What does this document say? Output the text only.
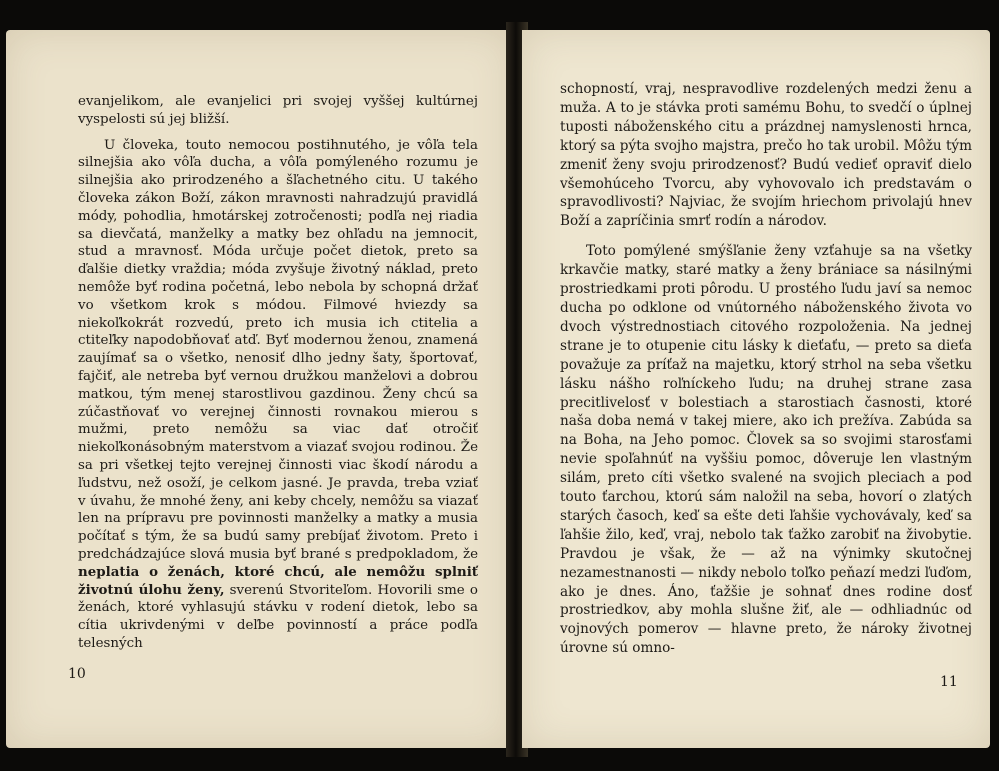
evanjelikom, ale evanjelici pri svojej vyššej kultúrnej vyspelosti sú jej bližší.

U človeka, touto nemocou postihnutého, je vôľa tela silnejšia ako vôľa ducha, a vôľa pomýleného rozumu je silnejšia ako prirodzeného a šľachetného citu. U takého človeka zákon Boží, zákon mravnosti nahradzujú pravidlá módy, pohodlia, hmotárskej zotročenosti; podľa nej riadia sa dievčatá, manželky a matky bez ohľadu na jemnocit, stud a mravnosť. Móda určuje počet dietok, preto sa ďalšie dietky vraždia; móda zvyšuje životný náklad, preto nemôže byť rodina početná, lebo nebola by schopná držať vo všetkom krok s módou. Filmové hviezdy sa niekoľkokrát rozvedú, preto ich musia ich ctitelia a ctiteľky napodobňovať atď. Byť modernou ženou, znamená zaujímať sa o všetko, nenosiť dlho jedny šaty, športovať, fajčiť, ale netreba byť vernou družkou manželovi a dobrou matkou, tým menej starostlivou gazdinou. Ženy chcú sa zúčastňovať vo verejnej činnosti rovnakou mierou s mužmi, preto nemôžu sa viac dať otročiť niekoľkonásobným materstvom a viazať svojou rodinou. Že sa pri všetkej tejto verejnej činnosti viac škodí národu a ľudstvu, než osoží, je celkom jasné. Je pravda, treba vziať v úvahu, že mnohé ženy, ani keby chcely, nemôžu sa viazať len na prípravu pre povinnosti manželky a matky a musia počítať s tým, že sa budú samy prebíjať životom. Preto i predchádzajúce slová musia byť brané s predpokladom, že neplatia o ženách, ktoré chcú, ale nemôžu splniť životnú úlohu ženy, sverenú Stvoriteľom. Hovorili sme o ženách, ktoré vyhlasujú stávku v rodení dietok, lebo sa cítia ukrivdenými v deľbe povinností a práce podľa telesných

10

schopností, vraj, nespravodlive rozdelených medzi ženu a muža. A to je stávka proti samému Bohu, to svedčí o úplnej tuposti náboženského citu a prázdnej namyslenosti hrnca, ktorý sa pýta svojho majstra, prečo ho tak urobil. Môžu tým zmeniť ženy svoju prirodzenosť? Budú vedieť opraviť dielo všemohúceho Tvorcu, aby vyhovovalo ich predstavám o spravodlivosti? Najviac, že svojím hriechom privolajú hnev Boží a zapríčinia smrť rodín a národov.

Toto pomýlené smýšľanie ženy vzťahuje sa na všetky krkavčie matky, staré matky a ženy brániace sa násilnými prostriedkami proti pôrodu. U prostého ľudu javí sa nemoc ducha po odklone od vnútorného náboženského života vo dvoch výstrednostiach citového rozpoloženia. Na jednej strane je to otupenie citu lásky k dieťaťu, — preto sa dieťa považuje za príťaž na majetku, ktorý strhol na seba všetku lásku nášho roľníckeho ľudu; na druhej strane zasa precitlivelosť v bolestiach a starostiach časnosti, ktoré naša doba nemá v takej miere, ako ich prežíva. Zabúda sa na Boha, na Jeho pomoc. Človek sa so svojimi starosťami nevie spoľahnúť na vyššiu pomoc, dôveruje len vlastným silám, preto cíti všetko svalené na svojich pleciach a pod touto ťarchou, ktorú sám naložil na seba, hovorí o zlatých starých časoch, keď sa ešte deti ľahšie vychovávaly, keď sa ľahšie žilo, keď, vraj, nebolo tak ťažko zarobiť na živobytie. Pravdou je však, že — až na výnimky skutočnej nezamestnanosti — nikdy nebolo toľko peňazí medzi ľuďom, ako je dnes. Áno, ťažšie je sohnať dnes rodine dosť prostriedkov, aby mohla slušne žiť, ale — odhliadnúc od vojnových pomerov — hlavne preto, že nároky životnej úrovne sú omno-

11
